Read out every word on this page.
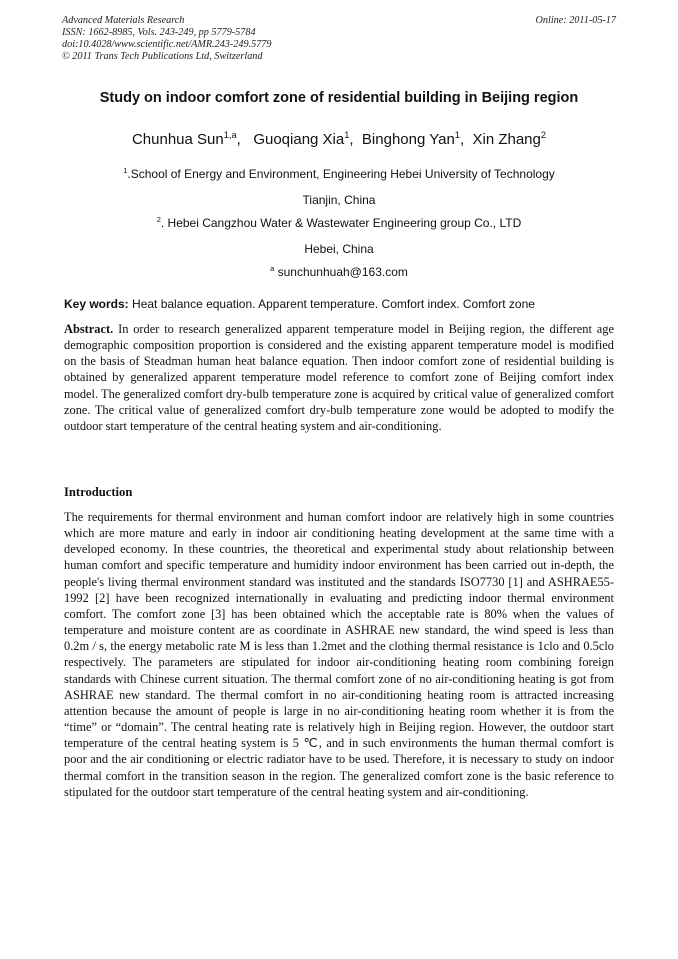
Advanced Materials Research
ISSN: 1662-8985, Vols. 243-249, pp 5779-5784
doi:10.4028/www.scientific.net/AMR.243-249.5779
© 2011 Trans Tech Publications Ltd, Switzerland
Online: 2011-05-17
Study on indoor comfort zone of residential building in Beijing region
Chunhua Sun$^{1,a}$,   Guoqiang Xia$^1$,  Binghong Yan$^1$,  Xin Zhang$^2$
$^1$.School of Energy and Environment, Engineering Hebei University of Technology
Tianjin, China
$^2$. Hebei Cangzhou Water & Wastewater Engineering group Co., LTD
Hebei, China
$^a$ sunchunhuah@163.com
Key words: Heat balance equation. Apparent temperature. Comfort index. Comfort zone
Abstract. In order to research generalized apparent temperature model in Beijing region, the different age demographic composition proportion is considered and the existing apparent temperature model is modified on the basis of Steadman human heat balance equation. Then indoor comfort zone of residential building is obtained by generalized apparent temperature model reference to comfort zone of Beijing comfort index model. The generalized comfort dry-bulb temperature zone is acquired by critical value of generalized comfort zone. The critical value of generalized comfort dry-bulb temperature zone would be adopted to modify the outdoor start temperature of the central heating system and air-conditioning.
Introduction
The requirements for thermal environment and human comfort indoor are relatively high in some countries which are more mature and early in indoor air conditioning heating development at the same time with a developed economy. In these countries, the theoretical and experimental study about relationship between human comfort and specific temperature and humidity indoor environment has been carried out in-depth, the people's living thermal environment standard was instituted and the standards ISO7730 [1] and ASHRAE55-1992 [2] have been recognized internationally in evaluating and predicting indoor thermal environment comfort. The comfort zone [3] has been obtained which the acceptable rate is 80% when the values of temperature and moisture content are as coordinate in ASHRAE new standard, the wind speed is less than 0.2m / s, the energy metabolic rate M is less than 1.2met and the clothing thermal resistance is 1clo and 0.5clo respectively. The parameters are stipulated for indoor air-conditioning heating room combining foreign standards with Chinese current situation. The thermal comfort zone of no air-conditioning heating is got from ASHRAE new standard. The thermal comfort in no air-conditioning heating room is attracted increasing attention because the amount of people is large in no air-conditioning heating room whether it is from the “time” or “domain”. The central heating rate is relatively high in Beijing region. However, the outdoor start temperature of the central heating system is 5 ℃, and in such environments the human thermal comfort is poor and the air conditioning or electric radiator have to be used. Therefore, it is necessary to study on indoor thermal comfort in the transition season in the region. The generalized comfort zone is the basic reference to stipulated for the outdoor start temperature of the central heating system and air-conditioning.
